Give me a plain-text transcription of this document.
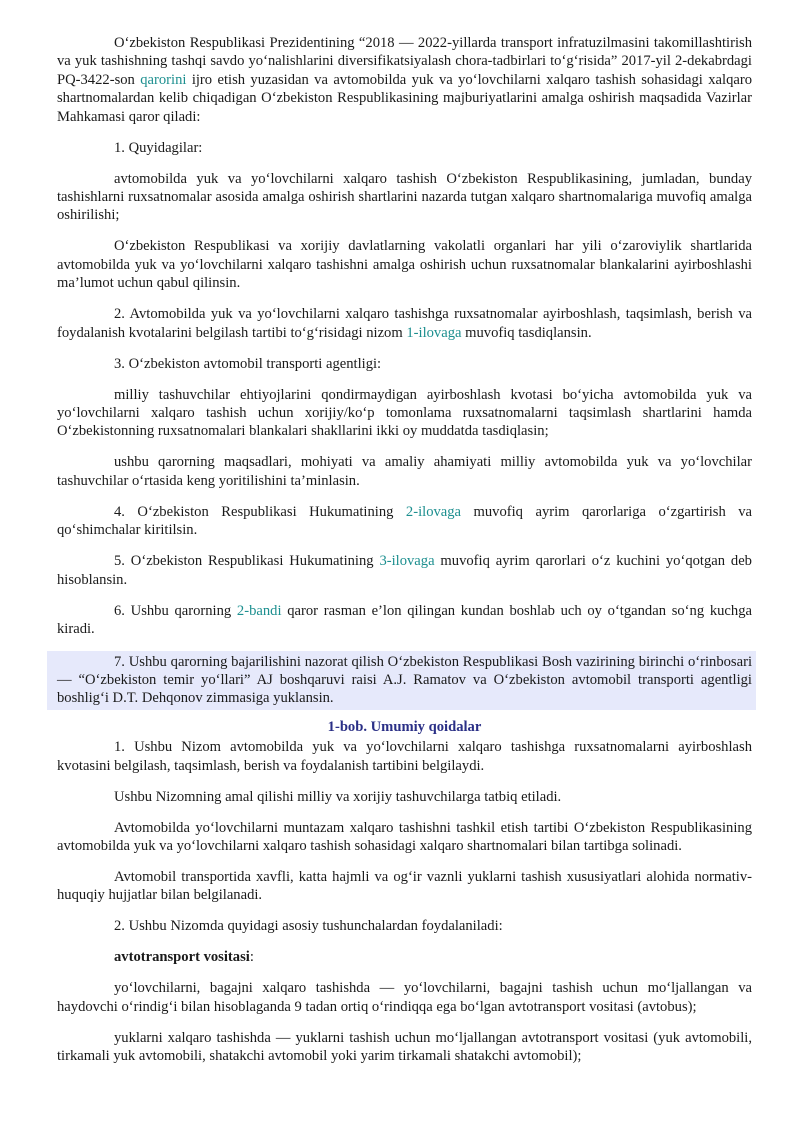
O‘zbekiston Respublikasi Prezidentining “2018 — 2022-yillarda transport infratuzilmasini takomillashtirish va yuk tashishning tashqi savdo yo‘nalishlarini diversifikatsiyalash chora-tadbirlari to‘g‘risida” 2017-yil 2-dekabrdagi PQ-3422-son qarorini ijro etish yuzasidan va avtomobilda yuk va yo‘lovchilarni xalqaro tashish sohasidagi xalqaro shartnomalardan kelib chiqadigan O‘zbekiston Respublikasining majburiyatlarini amalga oshirish maqsadida Vazirlar Mahkamasi qaror qiladi:

1. Quyidagilar:

avtomobilda yuk va yo‘lovchilarni xalqaro tashish O‘zbekiston Respublikasining, jumladan, bunday tashishlarni ruxsatnomalar asosida amalga oshirish shartlarini nazarda tutgan xalqaro shartnomalariga muvofiq amalga oshirilishi;

O‘zbekiston Respublikasi va xorijiy davlatlarning vakolatli organlari har yili o‘zaroviylik shartlarida avtomobilda yuk va yo‘lovchilarni xalqaro tashishni amalga oshirish uchun ruxsatnomalar blankalarini ayirboshlashi ma’lumot uchun qabul qilinsin.

2. Avtomobilda yuk va yo‘lovchilarni xalqaro tashishga ruxsatnomalar ayirboshlash, taqsimlash, berish va foydalanish kvotalarini belgilash tartibi to‘g‘risidagi nizom 1-ilovaga muvofiq tasdiqlansin.

3. O‘zbekiston avtomobil transporti agentligi:

milliy tashuvchilar ehtiyojlarini qondirmaydigan ayirboshlash kvotasi bo‘yicha avtomobilda yuk va yo‘lovchilarni xalqaro tashish uchun xorijiy/ko‘p tomonlama ruxsatnomalarni taqsimlash shartlarini hamda O‘zbekistonning ruxsatnomalari blankalari shakllarini ikki oy muddatda tasdiqlasin;

ushbu qarorning maqsadlari, mohiyati va amaliy ahamiyati milliy avtomobilda yuk va yo‘lovchilar tashuvchilar o‘rtasida keng yoritilishini ta’minlasin.

4. O‘zbekiston Respublikasi Hukumatining 2-ilovaga muvofiq ayrim qarorlariga o‘zgartirish va qo‘shimchalar kiritilsin.

5. O‘zbekiston Respublikasi Hukumatining 3-ilovaga muvofiq ayrim qarorlari o‘z kuchini yo‘qotgan deb hisoblansin.

6. Ushbu qarorning 2-bandi qaror rasman e’lon qilingan kundan boshlab uch oy o‘tgandan so‘ng kuchga kiradi.

7. Ushbu qarorning bajarilishini nazorat qilish O‘zbekiston Respublikasi Bosh vazirining birinchi o‘rinbosari — “O‘zbekiston temir yo‘llari” AJ boshqaruvi raisi A.J. Ramatov va O‘zbekiston avtomobil transporti agentligi boshlig‘i D.T. Dehqonov zimmasiga yuklansin.

1-bob. Umumiy qoidalar

1. Ushbu Nizom avtomobilda yuk va yo‘lovchilarni xalqaro tashishga ruxsatnomalarni ayirboshlash kvotasini belgilash, taqsimlash, berish va foydalanish tartibini belgilaydi.

Ushbu Nizomning amal qilishi milliy va xorijiy tashuvchilarga tatbiq etiladi.

Avtomobilda yo‘lovchilarni muntazam xalqaro tashishni tashkil etish tartibi O‘zbekiston Respublikasining avtomobilda yuk va yo‘lovchilarni xalqaro tashish sohasidagi xalqaro shartnomalari bilan tartibga solinadi.

Avtomobil transportida xavfli, katta hajmli va og‘ir vaznli yuklarni tashish xususiyatlari alohida normativ-huquqiy hujjatlar bilan belgilanadi.

2. Ushbu Nizomda quyidagi asosiy tushunchalardan foydalaniladi:

avtotransport vositasi:

yo‘lovchilarni, bagajni xalqaro tashishda — yo‘lovchilarni, bagajni tashish uchun mo‘ljallangan va haydovchi o‘rindig‘i bilan hisoblaganda 9 tadan ortiq o‘rindiqqa ega bo‘lgan avtotransport vositasi (avtobus);

yuklarni xalqaro tashishda — yuklarni tashish uchun mo‘ljallangan avtotransport vositasi (yuk avtomobili, tirkamali yuk avtomobili, shatakchi avtomobil yoki yarim tirkamali shatakchi avtomobil);
